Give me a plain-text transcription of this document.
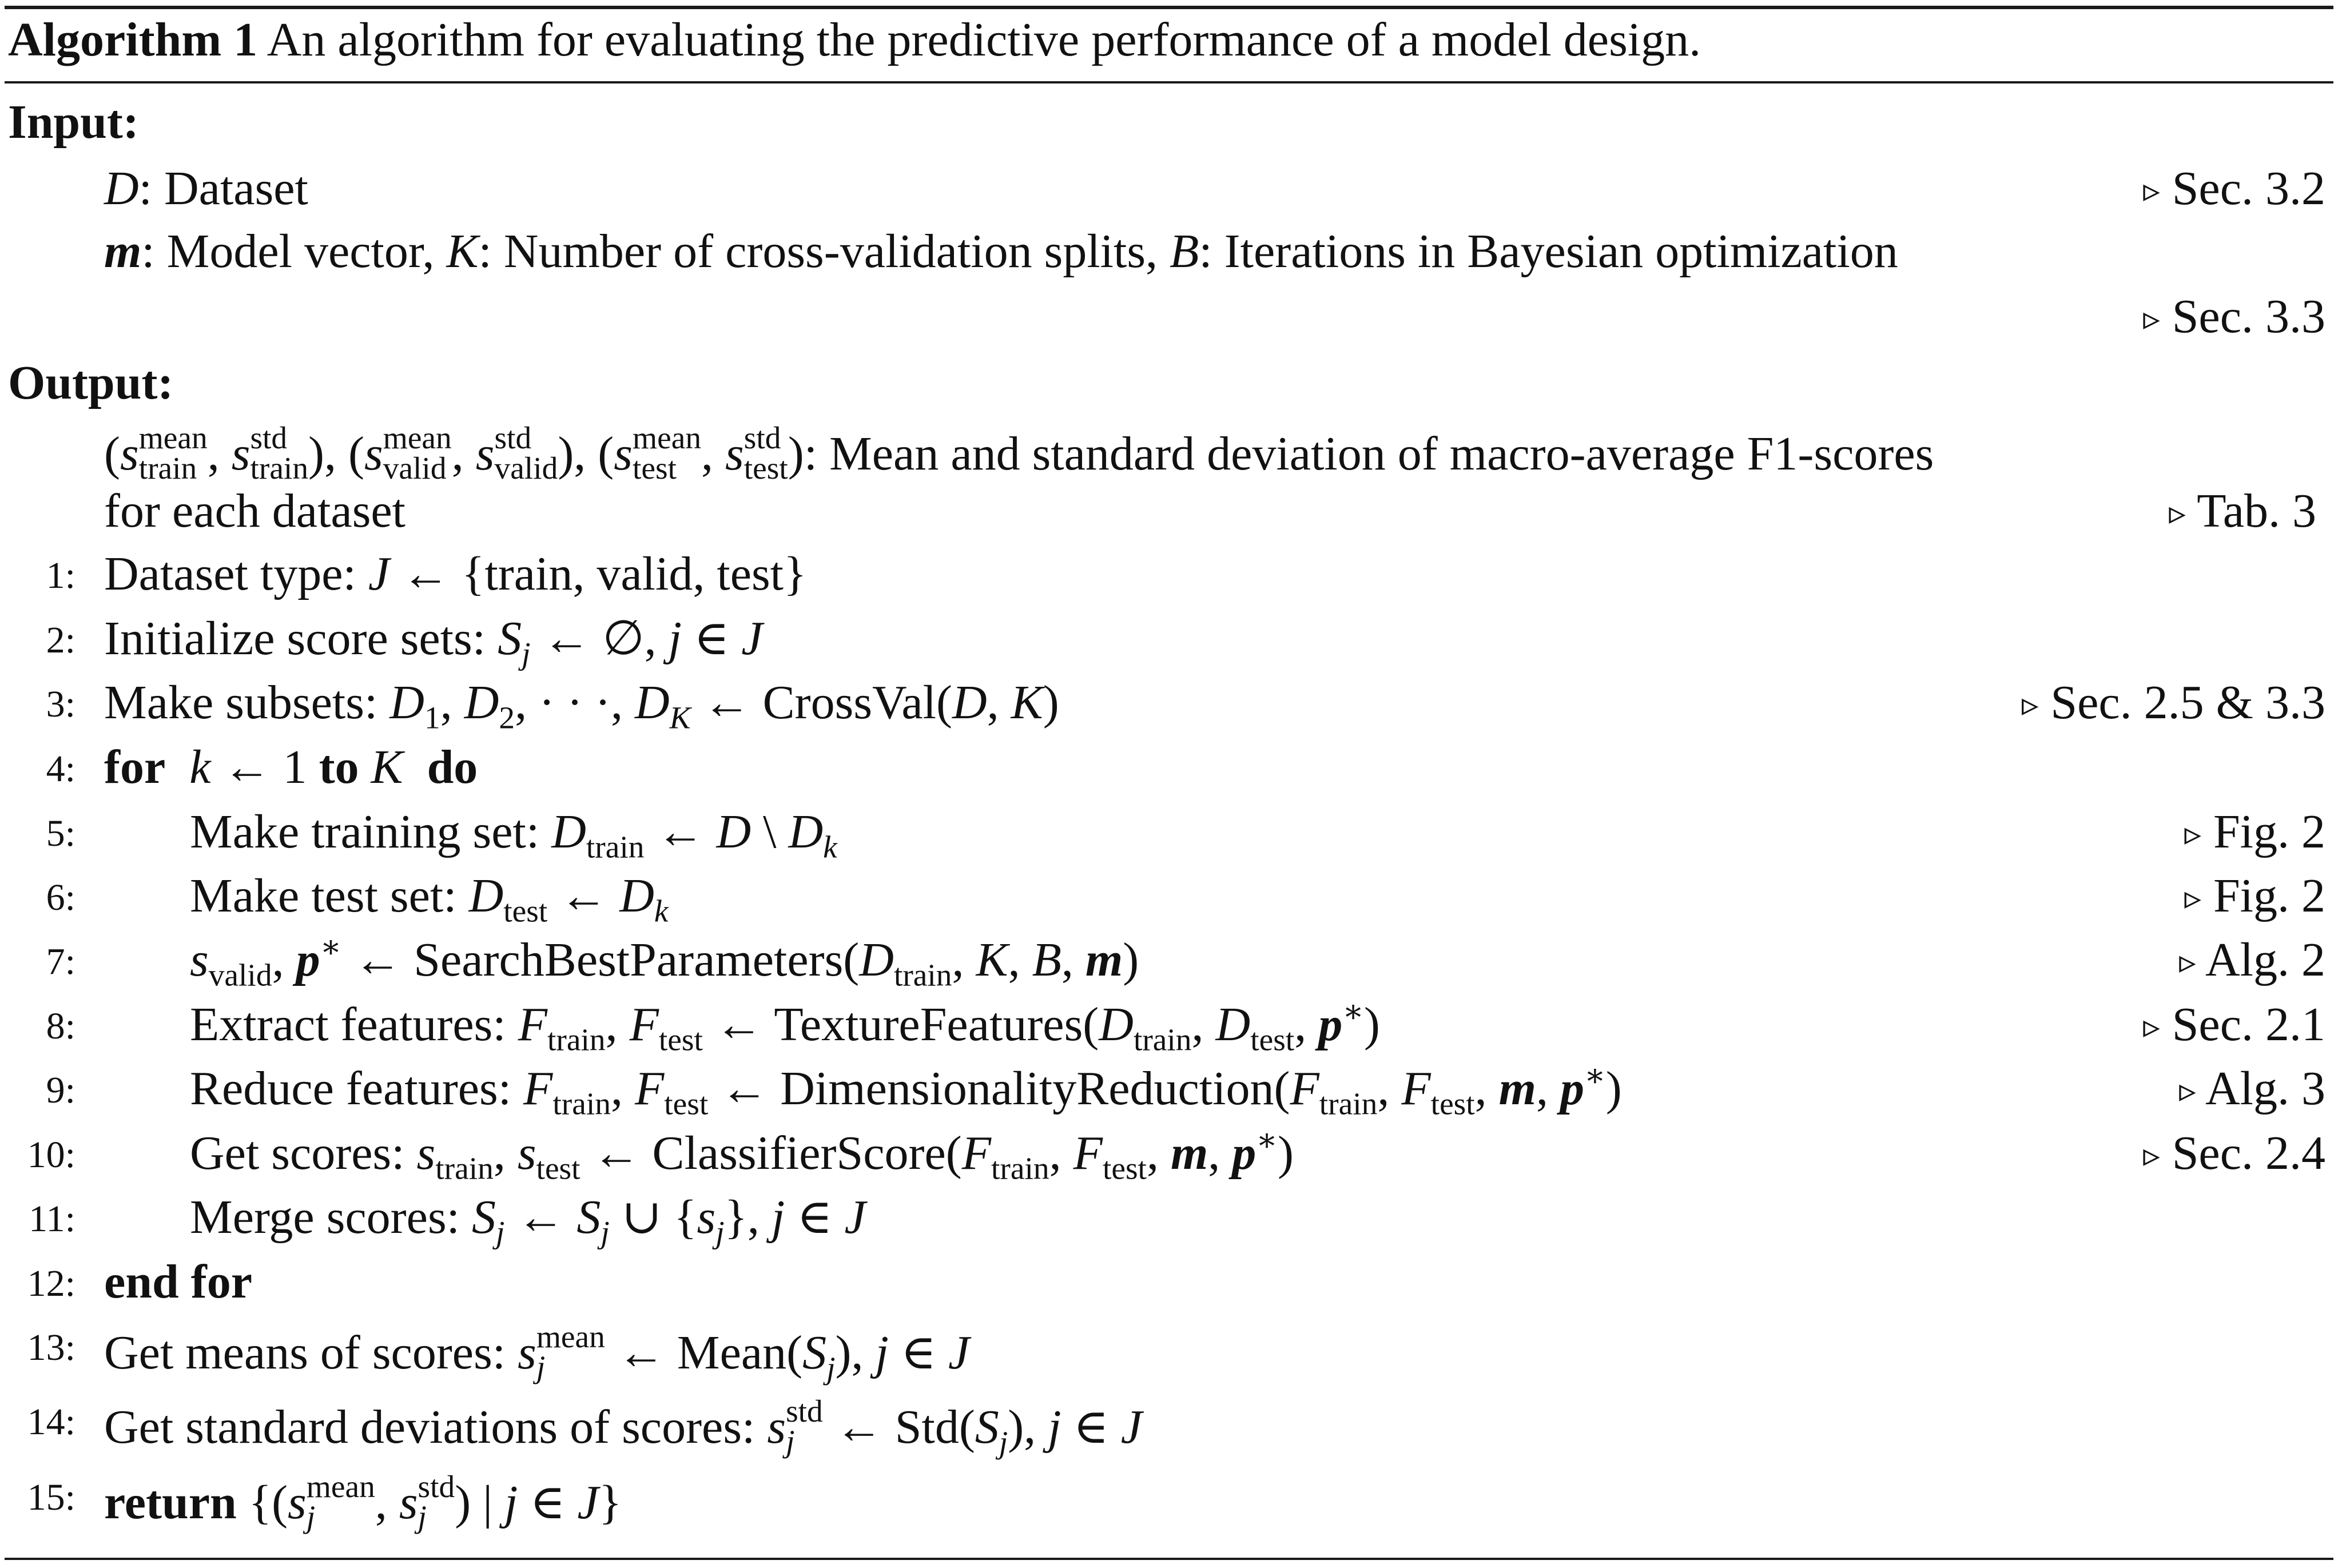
Algorithm 1 An algorithm for evaluating the predictive performance of a model design.
Input:
D: Dataset	▹ Sec. 3.2
m: Model vector, K: Number of cross-validation splits, B: Iterations in Bayesian optimization
▹ Sec. 3.3
Output:
(s mean
train , s std
train ), (s mean
valid , s std
valid ), (s mean
test , s std
test ): Mean and standard deviation of macro-average F1-scores
for each dataset	▹ Tab. 3
1: Dataset type: J ← {train, valid, test}
2: Initialize score sets: $S_j$ ← ∅, j ∈ J
3: Make subsets: $D_1$, $D_2$, · · ·, $D_K$ ← CrossVal(D, K)	▹ Sec. 2.5 & 3.3
4: for k ← 1 to K do
5: Make training set: $D_{train}$ ← D \ $D_k$	▹ Fig. 2
6: Make test set: $D_{test}$ ← $D_k$	▹ Fig. 2
7: $s_{valid}$, p∗ ← $SearchBestParameters(D_{train}$, K, B, m)	▹ Alg. 2
8: Extract features: $F_{train}$, $F_{test}$ ← $TextureFeatures(D_{train}$, $D_{test}$, p∗)	▹ Sec. 2.1
9: Reduce features: $F_{train}$, $F_{test}$ ← $DimensionalityReduction(F_{train}$, $F_{test}$, m, p∗)	▹ Alg. 3
10: Get scores: $s_{train}$, $s_{test}$ ← $ClassifierScore(F_{train}$, $F_{test}$, m, p∗)	▹ Sec. 2.4
11: Merge scores: $S_j$ ← $S_j$ ∪ $\{s_j\}$, j ∈ J
12: end for
13: Get means of scores: s mean
j ← $Mean(S_j)$, j ∈ J
14: Get standard deviations of scores: s std
j ← $Std(S_j)$, j ∈ J
15: return {(s mean
j , s std
j ) | j ∈ J}
